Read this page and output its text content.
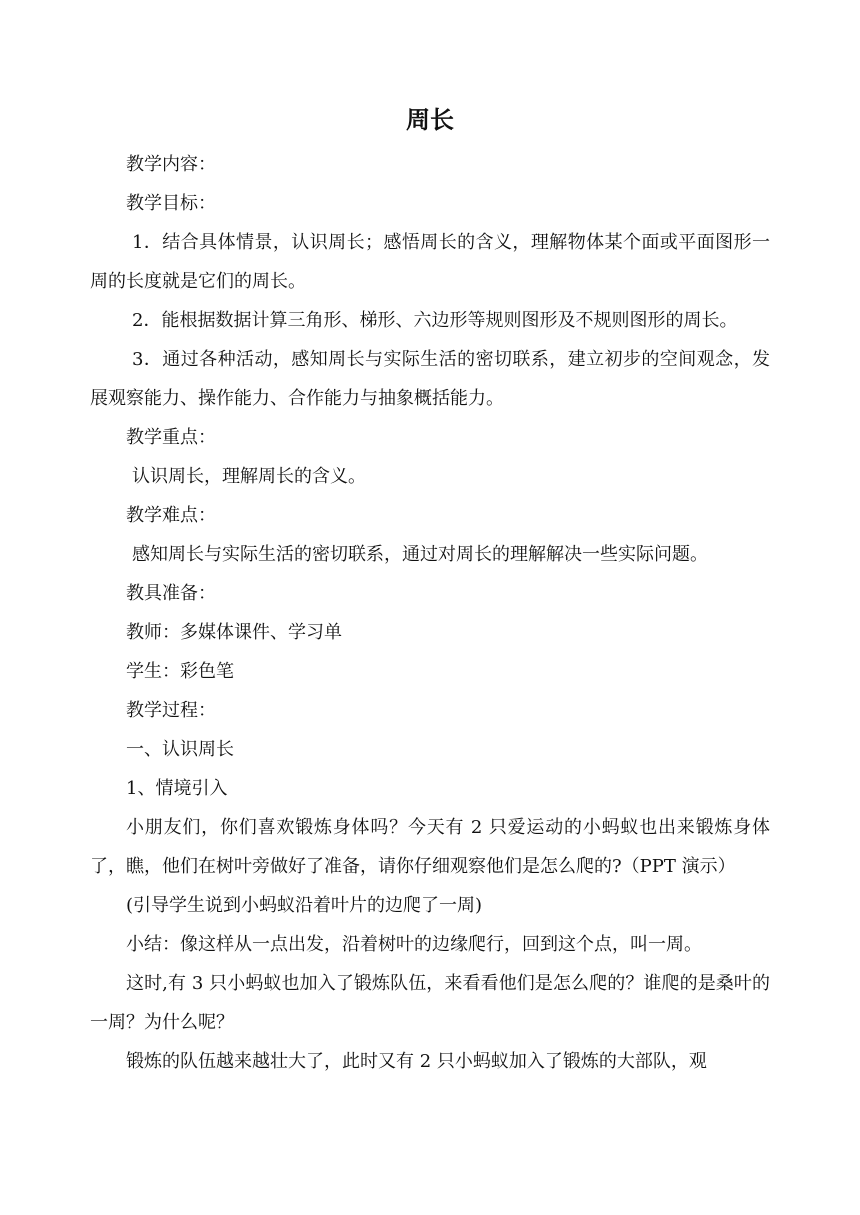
周长

教学内容：

教学目标：

1．结合具体情景，认识周长；感悟周长的含义，理解物体某个面或平面图形一周的长度就是它们的周长。

2．能根据数据计算三角形、梯形、六边形等规则图形及不规则图形的周长。

3．通过各种活动，感知周长与实际生活的密切联系，建立初步的空间观念，发展观察能力、操作能力、合作能力与抽象概括能力。

教学重点：

认识周长，理解周长的含义。

教学难点：

感知周长与实际生活的密切联系，通过对周长的理解解决一些实际问题。

教具准备：

教师：多媒体课件、学习单

学生：彩色笔

教学过程：

一、认识周长

1、情境引入

小朋友们，你们喜欢锻炼身体吗？今天有 2 只爱运动的小蚂蚁也出来锻炼身体了，瞧，他们在树叶旁做好了准备，请你仔细观察他们是怎么爬的?（PPT 演示）

(引导学生说到小蚂蚁沿着叶片的边爬了一周)

小结：像这样从一点出发，沿着树叶的边缘爬行，回到这个点，叫一周。

这时,有 3 只小蚂蚁也加入了锻炼队伍，来看看他们是怎么爬的？谁爬的是桑叶的一周？为什么呢？

锻炼的队伍越来越壮大了，此时又有 2 只小蚂蚁加入了锻炼的大部队，观
